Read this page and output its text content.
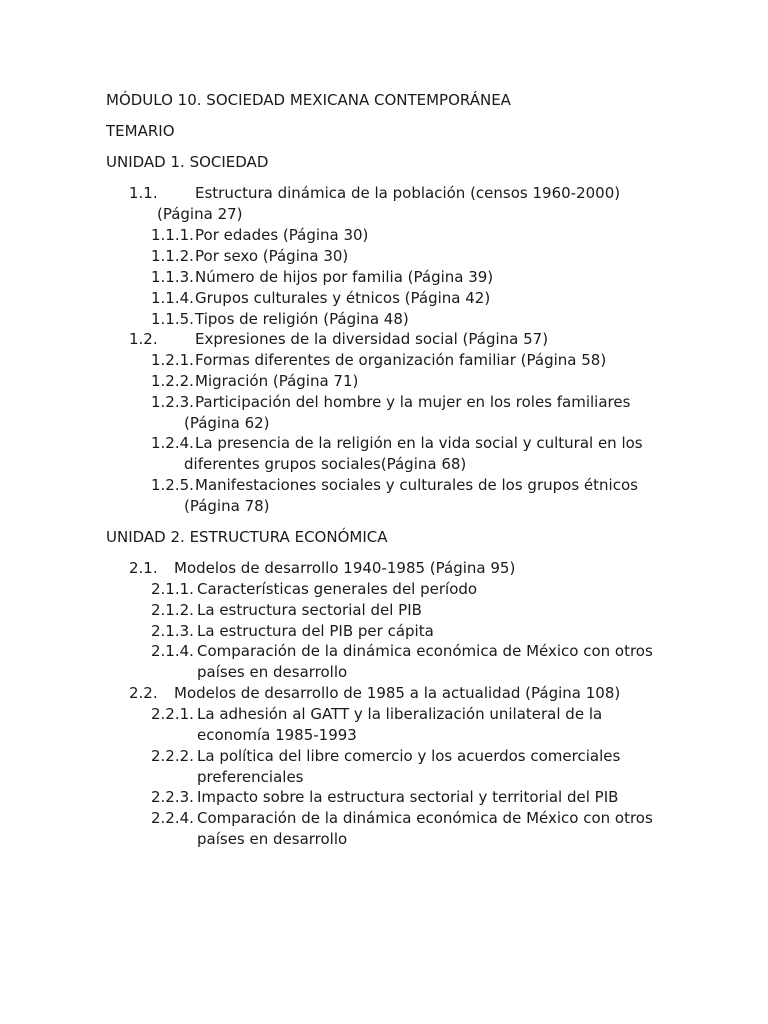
MÓDULO 10. SOCIEDAD MEXICANA CONTEMPORÁNEA
TEMARIO
UNIDAD 1. SOCIEDAD
1.1. Estructura dinámica de la población (censos 1960-2000)
(Página 27)
1.1.1. Por edades (Página 30)
1.1.2. Por sexo (Página 30)
1.1.3. Número de hijos por familia (Página 39)
1.1.4. Grupos culturales y étnicos (Página 42)
1.1.5. Tipos de religión (Página 48)
1.2. Expresiones de la diversidad social (Página 57)
1.2.1. Formas diferentes de organización familiar (Página 58)
1.2.2. Migración (Página 71)
1.2.3. Participación del hombre y la mujer en los roles familiares
(Página 62)
1.2.4. La presencia de la religión en la vida social y cultural en los
diferentes grupos sociales(Página 68)
1.2.5. Manifestaciones sociales y culturales de los grupos étnicos
(Página 78)
UNIDAD 2. ESTRUCTURA ECONÓMICA
2.1. Modelos de desarrollo 1940-1985 (Página 95)
2.1.1. Características generales del período
2.1.2. La estructura sectorial del PIB
2.1.3. La estructura del PIB per cápita
2.1.4. Comparación de la dinámica económica de México con otros
países en desarrollo
2.2. Modelos de desarrollo de 1985 a la actualidad (Página 108)
2.2.1. La adhesión al GATT y la liberalización unilateral de la
economía 1985-1993
2.2.2. La política del libre comercio y los acuerdos comerciales
preferenciales
2.2.3. Impacto sobre la estructura sectorial y territorial del PIB
2.2.4. Comparación de la dinámica económica de México con otros
países en desarrollo
